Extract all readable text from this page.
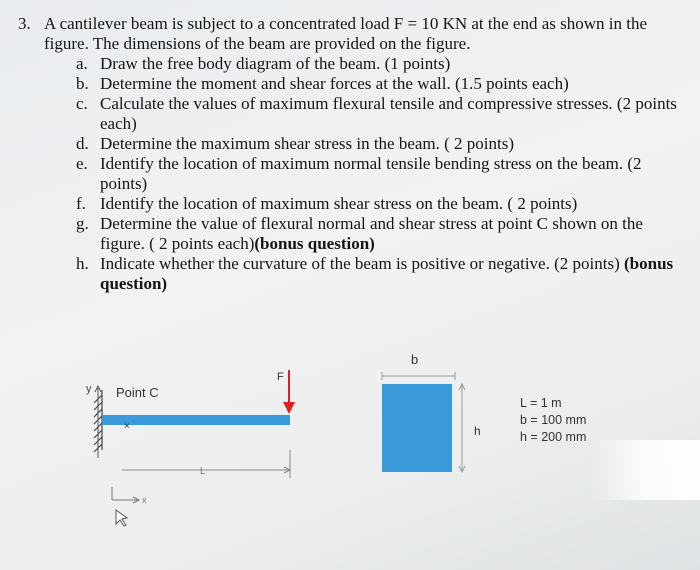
3. A cantilever beam is subject to a concentrated load F = 10 KN at the end as shown in the figure. The dimensions of the beam are provided on the figure.
a. Draw the free body diagram of the beam. (1 points)
b. Determine the moment and shear forces at the wall. (1.5 points each)
c. Calculate the values of maximum flexural tensile and compressive stresses. (2 points each)
d. Determine the maximum shear stress in the beam. ( 2 points)
e. Identify the location of maximum normal tensile bending stress on the beam. (2 points)
f. Identify the location of maximum shear stress on the beam. ( 2 points)
g. Determine the value of flexural normal and shear stress at point C shown on the figure. ( 2 points each)(bonus question)
h. Indicate whether the curvature of the beam is positive or negative. (2 points) (bonus question)
y
×
Point C
F
L
x
b
h
L = 1 m
b = 100 mm
h = 200 mm
